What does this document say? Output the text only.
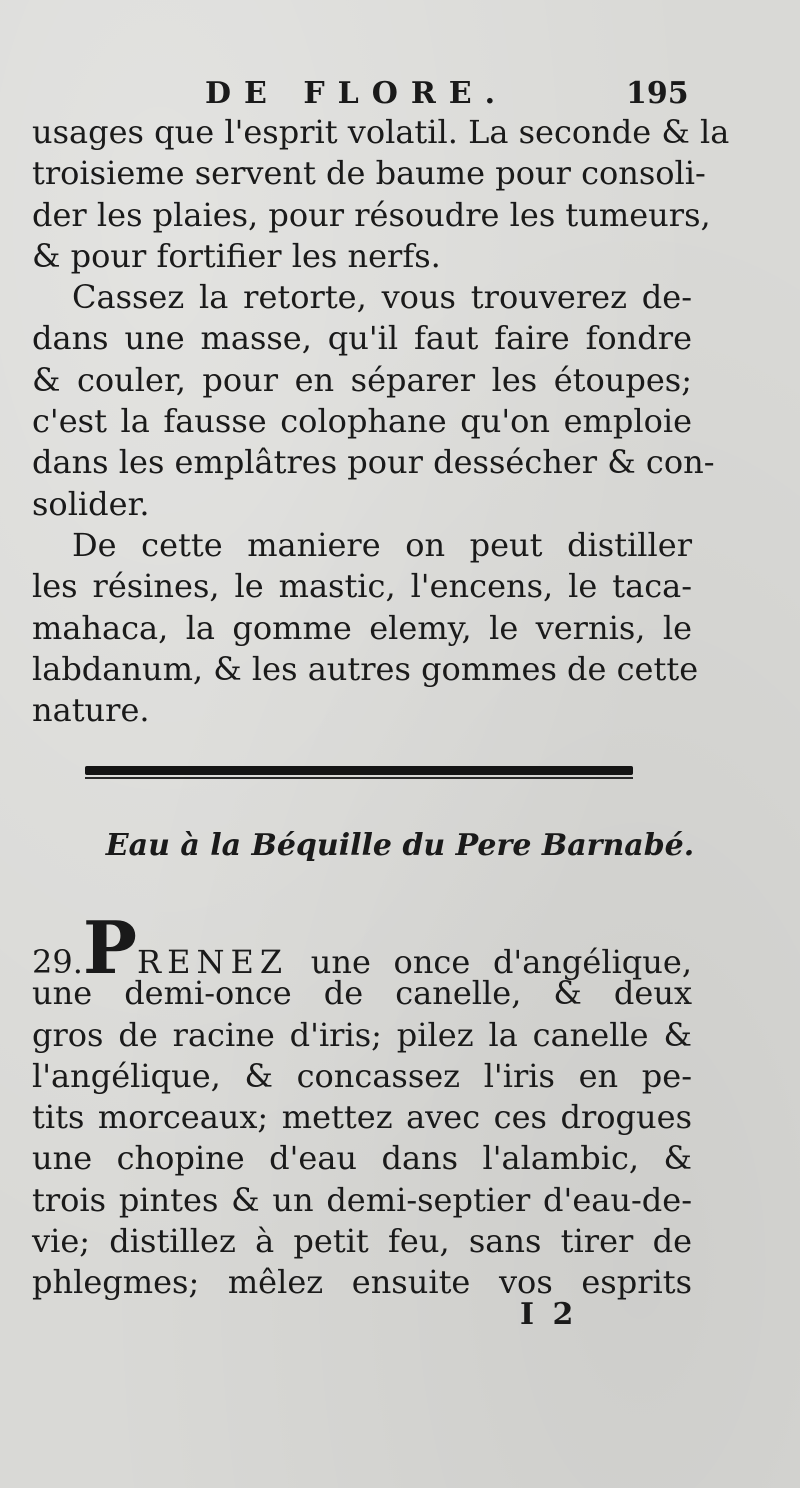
DE FLORE.	195
usages que l'esprit volatil. La seconde & la
troisieme servent de baume pour consoli-
der les plaies, pour résoudre les tumeurs,
& pour fortifier les nerfs.
Cassez la retorte, vous trouverez de-
dans une masse, qu'il faut faire fondre
& couler, pour en séparer les étoupes;
c'est la fausse colophane qu'on emploie
dans les emplâtres pour dessécher & con-
solider.
De cette maniere on peut distiller
les résines, le mastic, l'encens, le taca-
mahaca, la gomme elemy, le vernis, le
labdanum, & les autres gommes de cette
nature.
Eau à la Béquille du Pere Barnabé.
29.PRENEZ une once d'angélique,
une demi-once de canelle, & deux
gros de racine d'iris; pilez la canelle &
l'angélique, & concassez l'iris en pe-
tits morceaux; mettez avec ces drogues
une chopine d'eau dans l'alambic, &
trois pintes & un demi-septier d'eau-de-
vie; distillez à petit feu, sans tirer de
phlegmes; mêlez ensuite vos esprits
I 2
